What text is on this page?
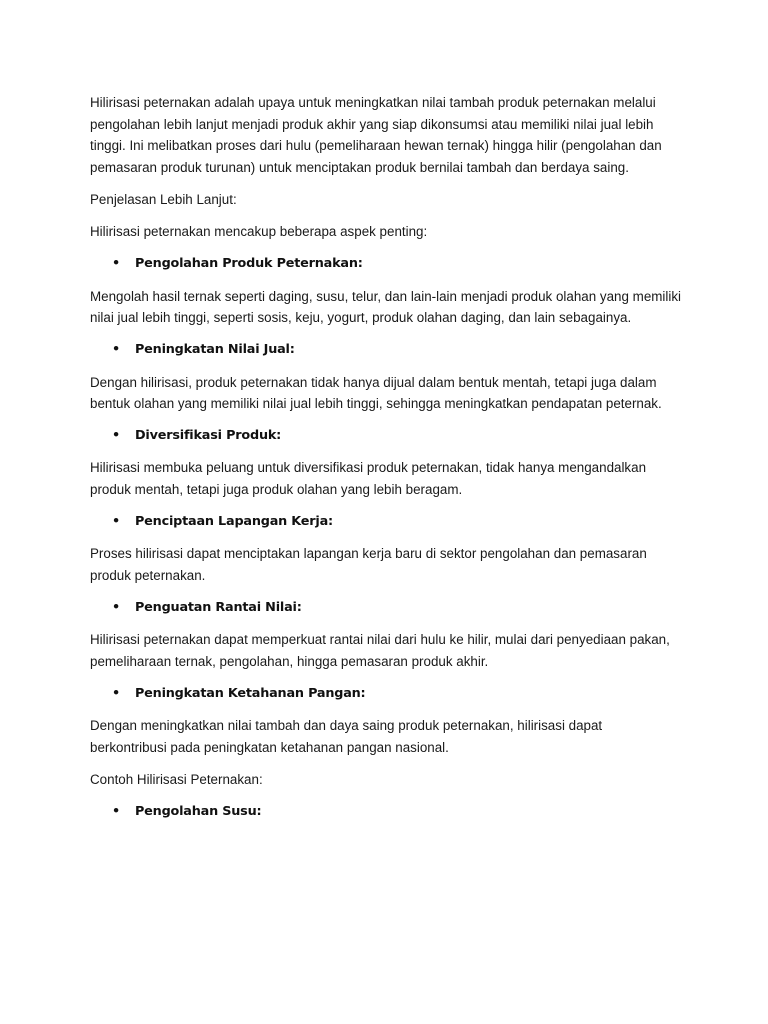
Hilirisasi peternakan adalah upaya untuk meningkatkan nilai tambah produk peternakan melalui pengolahan lebih lanjut menjadi produk akhir yang siap dikonsumsi atau memiliki nilai jual lebih tinggi. Ini melibatkan proses dari hulu (pemeliharaan hewan ternak) hingga hilir (pengolahan dan pemasaran produk turunan) untuk menciptakan produk bernilai tambah dan berdaya saing.

Penjelasan Lebih Lanjut:

Hilirisasi peternakan mencakup beberapa aspek penting:

• Pengolahan Produk Peternakan:

Mengolah hasil ternak seperti daging, susu, telur, dan lain-lain menjadi produk olahan yang memiliki nilai jual lebih tinggi, seperti sosis, keju, yogurt, produk olahan daging, dan lain sebagainya.

• Peningkatan Nilai Jual:

Dengan hilirisasi, produk peternakan tidak hanya dijual dalam bentuk mentah, tetapi juga dalam bentuk olahan yang memiliki nilai jual lebih tinggi, sehingga meningkatkan pendapatan peternak.

• Diversifikasi Produk:

Hilirisasi membuka peluang untuk diversifikasi produk peternakan, tidak hanya mengandalkan produk mentah, tetapi juga produk olahan yang lebih beragam.

• Penciptaan Lapangan Kerja:

Proses hilirisasi dapat menciptakan lapangan kerja baru di sektor pengolahan dan pemasaran produk peternakan.

• Penguatan Rantai Nilai:

Hilirisasi peternakan dapat memperkuat rantai nilai dari hulu ke hilir, mulai dari penyediaan pakan, pemeliharaan ternak, pengolahan, hingga pemasaran produk akhir.

• Peningkatan Ketahanan Pangan:

Dengan meningkatkan nilai tambah dan daya saing produk peternakan, hilirisasi dapat berkontribusi pada peningkatan ketahanan pangan nasional.

Contoh Hilirisasi Peternakan:

• Pengolahan Susu:
